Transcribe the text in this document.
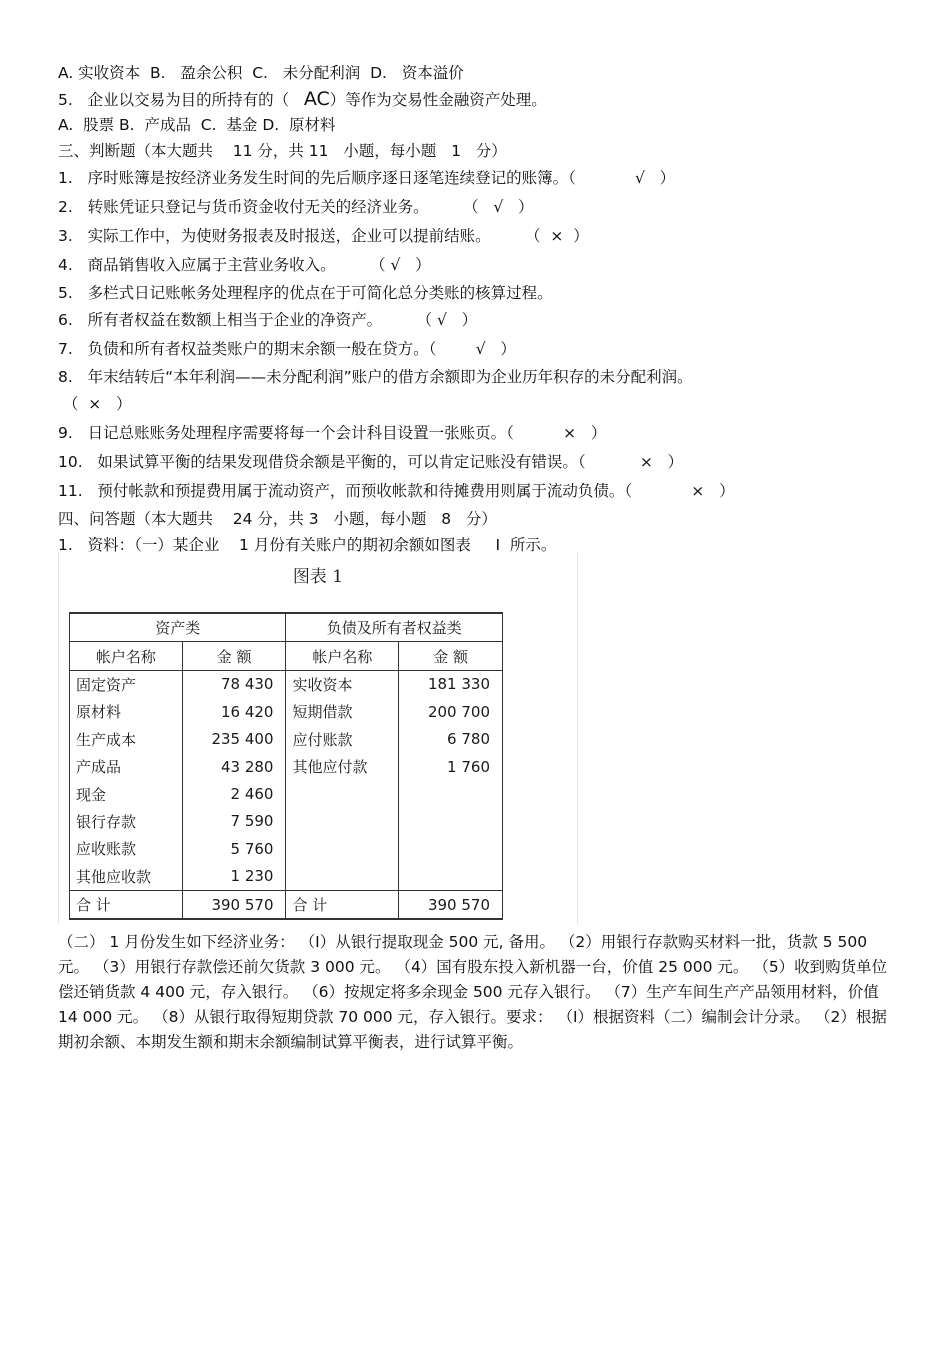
A. 实收资本  B.   盈余公积  C.   未分配利润  D.   资本溢价
5.   企业以交易为目的所持有的（ AC）等作为交易性金融资产处理。
A.  股票 B.  产成品  C.  基金 D.  原材料
三、判断题（本大题共    11 分，共 11   小题，每小题   1   分）
1.   序时账簿是按经济业务发生时间的先后顺序逐日逐笔连续登记的账簿。（            √   ）
2.   转账凭证只登记与货币资金收付无关的经济业务。       （   √   ）
3.   实际工作中，为使财务报表及时报送，企业可以提前结账。       （  ×  ）
4.   商品销售收入应属于主营业务收入。       （ √   ）
5.   多栏式日记账帐务处理程序的优点在于可简化总分类账的核算过程。
6.   所有者权益在数额上相当于企业的净资产。       （ √   ）
7.   负债和所有者权益类账户的期末余额一般在贷方。（        √   ）
8.   年末结转后“本年利润——未分配利润”账户的借方余额即为企业历年积存的未分配利润。
（  ×   ）
9.   日记总账账务处理程序需要将每一个会计科目设置一张账页。（          ×   ）
10.   如果试算平衡的结果发现借贷余额是平衡的，可以肯定记账没有错误。（           ×   ）
11.   预付帐款和预提费用属于流动资产，而预收帐款和待摊费用则属于流动负债。（            ×   ）
四、问答题（本大题共    24 分，共 3   小题，每小题   8   分）
1.   资料：（一）某企业    1 月份有关账户的期初余额如图表     I  所示。
图表 1
资产类		负债及所有者权益类	
帐户名称	金 额	帐户名称	金 额
固定资产	78 430	实收资本	181 330
原材料	16 420	短期借款	200 700
生产成本	235 400	应付账款	6 780
产成品	43 280	其他应付款	1 760
现金	2 460		
银行存款	7 590		
应收账款	5 760		
其他应收款	1 230		
合 计	390 570	合 计	390 570
（二） 1 月份发生如下经济业务： （I）从银行提取现金 500 元, 备用。 （2）用银行存款购买材料一批，货款 5 500 元。 （3）用银行存款偿还前欠货款 3 000 元。 （4）国有股东投入新机器一台，价值 25 000 元。 （5）收到购货单位偿还销货款 4 400 元，存入银行。 （6）按规定将多余现金 500 元存入银行。 （7）生产车间生产产品领用材料，价值 14 000 元。 （8）从银行取得短期贷款 70 000 元，存入银行。要求： （I）根据资料（二）编制会计分录。 （2）根据期初余额、本期发生额和期末余额编制试算平衡表，进行试算平衡。
